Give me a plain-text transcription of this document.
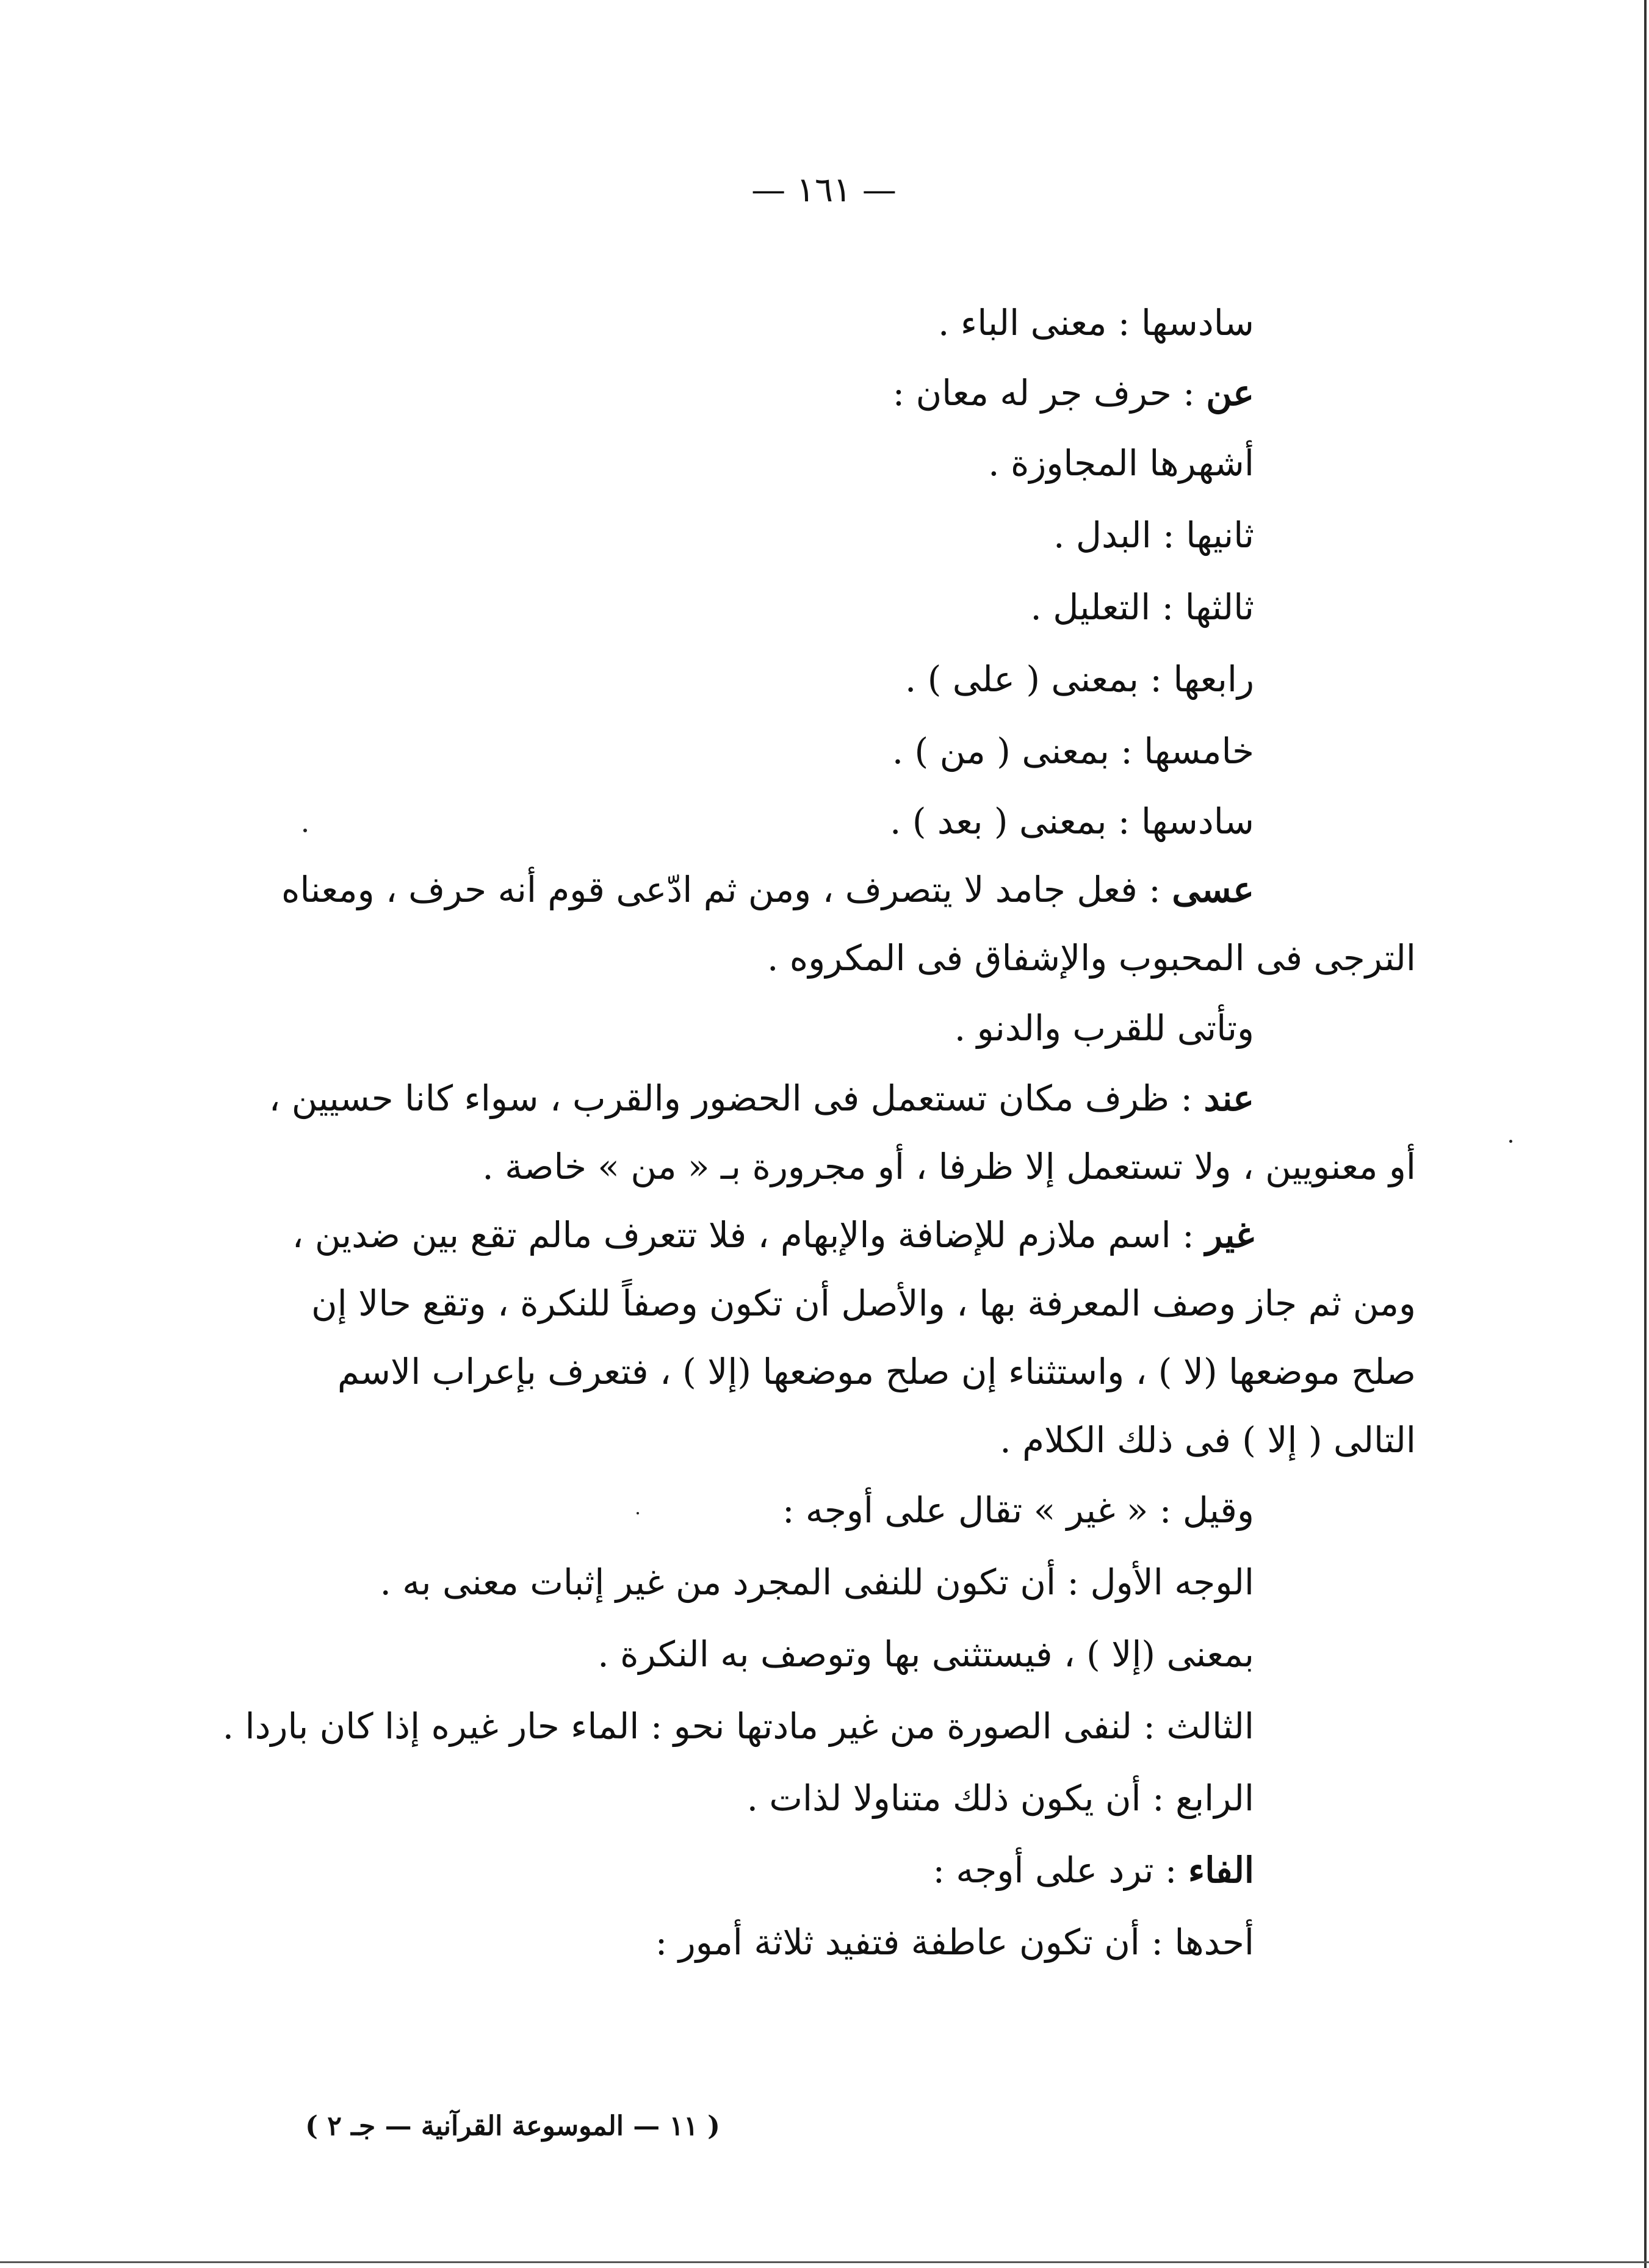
— ١٦١ —
سادسها : معنى الباء .
عن : حرف جر له معان :
أشهرها المجاوزة .
ثانيها : البدل .
ثالثها : التعليل .
رابعها : بمعنى ( على ) .
خامسها : بمعنى ( من ) .
سادسها : بمعنى ( بعد ) .
عسى : فعل جامد لا يتصرف ، ومن ثم ادّعى قوم أنه حرف ، ومعناه
الترجى فى المحبوب والإشفاق فى المكروه .
وتأتى للقرب والدنو .
عند : ظرف مكان تستعمل فى الحضور والقرب ، سواء كانا حسيين ،
أو معنويين ، ولا تستعمل إلا ظرفا ، أو مجرورة بـ « من » خاصة .
غير : اسم ملازم للإضافة والإبهام ، فلا تتعرف مالم تقع بين ضدين ،
ومن ثم جاز وصف المعرفة بها ، والأصل أن تكون وصفاً للنكرة ، وتقع حالا إن
صلح موضعها (لا ) ، واستثناء إن صلح موضعها (إلا ) ، فتعرف بإعراب الاسم
التالى ( إلا ) فى ذلك الكلام .
وقيل : « غير » تقال على أوجه :
الوجه الأول : أن تكون للنفى المجرد من غير إثبات معنى به .
بمعنى (إلا ) ، فيستثنى بها وتوصف به النكرة .
الثالث : لنفى الصورة من غير مادتها نحو : الماء حار غيره إذا كان باردا .
الرابع : أن يكون ذلك متناولا لذات .
الفاء : ترد على أوجه :
أحدها : أن تكون عاطفة فتفيد ثلاثة أمور :
( ١١ — الموسوعة القرآنية — جـ ٢ )
